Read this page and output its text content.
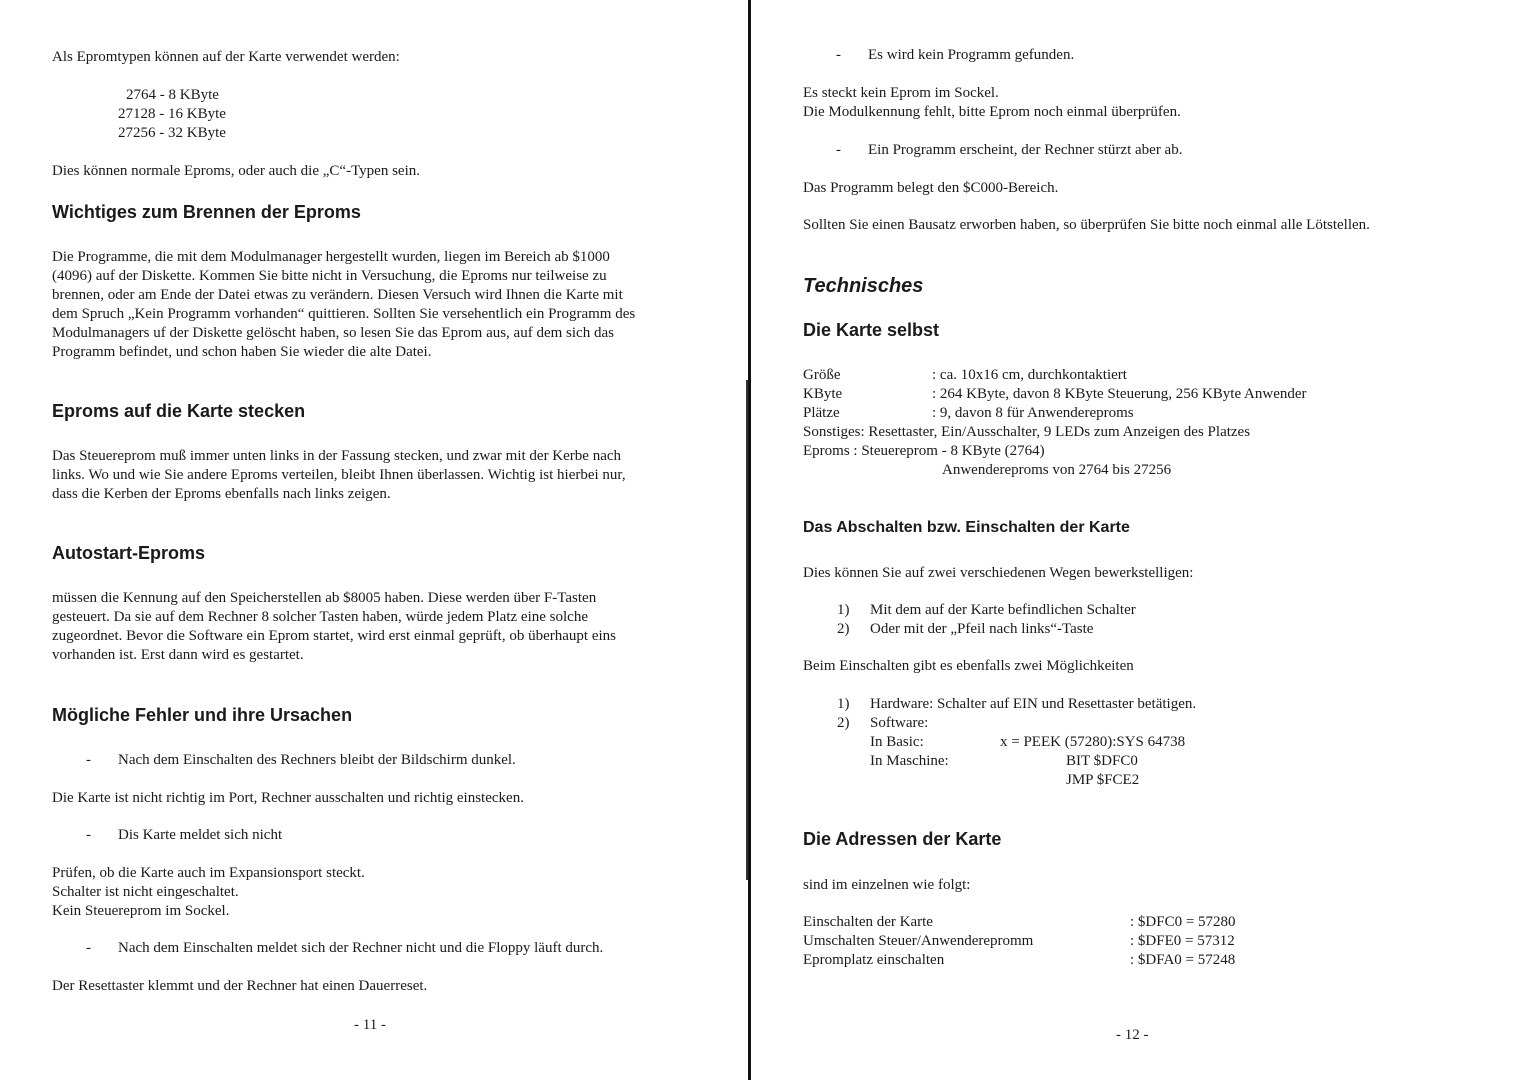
Als Epromtypen können auf der Karte verwendet werden:
2764 - 8 KByte
27128 - 16 KByte
27256 - 32 KByte
Dies können normale Eproms, oder auch die „C“-Typen sein.
Wichtiges zum Brennen der Eproms
Die Programme, die mit dem Modulmanager hergestellt wurden, liegen im Bereich ab $1000
(4096) auf der Diskette. Kommen Sie bitte nicht in Versuchung, die Eproms nur teilweise zu
brennen, oder am Ende der Datei etwas zu verändern. Diesen Versuch wird Ihnen die Karte mit
dem Spruch „Kein Programm vorhanden“ quittieren. Sollten Sie versehentlich ein Programm des
Modulmanagers uf der Diskette gelöscht haben, so lesen Sie das Eprom aus, auf dem sich das
Programm befindet, und schon haben Sie wieder die alte Datei.
Eproms auf die Karte stecken
Das Steuereprom muß immer unten links in der Fassung stecken, und zwar mit der Kerbe nach
links. Wo und wie Sie andere Eproms verteilen, bleibt Ihnen überlassen. Wichtig ist hierbei nur,
dass die Kerben der Eproms ebenfalls nach links zeigen.
Autostart-Eproms
müssen die Kennung auf den Speicherstellen ab $8005 haben. Diese werden über F-Tasten
gesteuert. Da sie auf dem Rechner 8 solcher Tasten haben, würde jedem Platz eine solche
zugeordnet. Bevor die Software ein Eprom startet, wird erst einmal geprüft, ob überhaupt eins
vorhanden ist. Erst dann wird es gestartet.
Mögliche Fehler und ihre Ursachen
- Nach dem Einschalten des Rechners bleibt der Bildschirm dunkel.
Die Karte ist nicht richtig im Port, Rechner ausschalten und richtig einstecken.
- Dis Karte meldet sich nicht
Prüfen, ob die Karte auch im Expansionsport steckt.
Schalter ist nicht eingeschaltet.
Kein Steuereprom im Sockel.
- Nach dem Einschalten meldet sich der Rechner nicht und die Floppy läuft durch.
Der Resettaster klemmt und der Rechner hat einen Dauerreset.
- 11 -
- Es wird kein Programm gefunden.
Es steckt kein Eprom im Sockel.
Die Modulkennung fehlt, bitte Eprom noch einmal überprüfen.
- Ein Programm erscheint, der Rechner stürzt aber ab.
Das Programm belegt den $C000-Bereich.
Sollten Sie einen Bausatz erworben haben, so überprüfen Sie bitte noch einmal alle Lötstellen.
Technisches
Die Karte selbst
Größe	: ca. 10x16 cm, durchkontaktiert
KByte	: 264 KByte, davon 8 KByte Steuerung, 256 KByte Anwender
Plätze	: 9, davon 8 für Anwendereproms
Sonstiges: Resettaster, Ein/Ausschalter, 9 LEDs zum Anzeigen des Platzes
Eproms : Steuereprom - 8 KByte (2764)
Anwendereproms von 2764 bis 27256
Das Abschalten bzw. Einschalten der Karte
Dies können Sie auf zwei verschiedenen Wegen bewerkstelligen:
1) Mit dem auf der Karte befindlichen Schalter
2) Oder mit der „Pfeil nach links“-Taste
Beim Einschalten gibt es ebenfalls zwei Möglichkeiten
1) Hardware: Schalter auf EIN und Resettaster betätigen.
2) Software:
In Basic:	x = PEEK (57280):SYS 64738
In Maschine:	BIT $DFC0
JMP $FCE2
Die Adressen der Karte
sind im einzelnen wie folgt:
Einschalten der Karte	: $DFC0 = 57280
Umschalten Steuer/Anwenderepromm	: $DFE0 = 57312
Epromplatz einschalten	: $DFA0 = 57248
- 12 -
